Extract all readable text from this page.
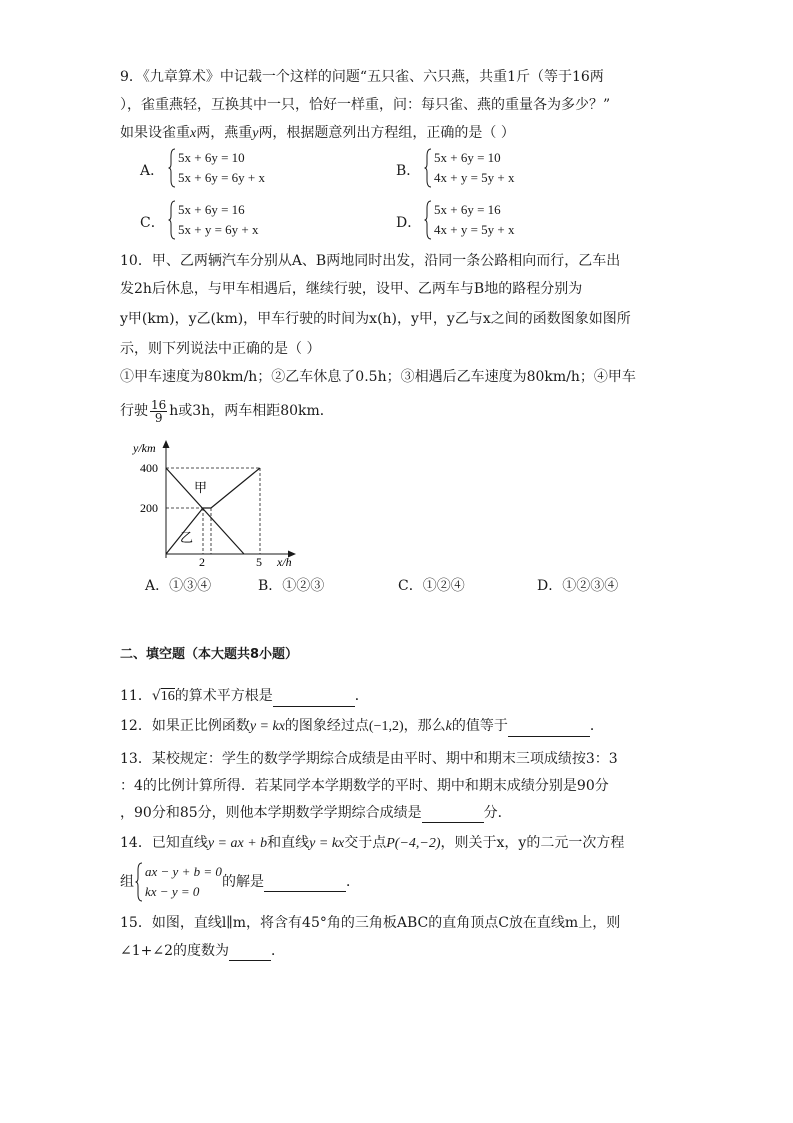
9．《九章算术》中记载一个这样的问题“五只雀、六只燕，共重1斤（等于16两
），雀重燕轻，互换其中一只，恰好一样重，问：每只雀、燕的重量各为多少？”
如果设雀重x两，燕重y两，根据题意列出方程组，正确的是（ ）
A．
5x + 6y = 10
5x + 6y = 6y + x	B．
5x + 6y = 10
4x + y = 5y + x
C．
5x + 6y = 16
5x + y = 6y + x	D．
5x + 6y = 16
4x + y = 5y + x
10．甲、乙两辆汽车分别从A、B两地同时出发，沿同一条公路相向而行，乙车出
发2h后休息，与甲车相遇后，继续行驶，设甲、乙两车与B地的路程分别为
y甲(km)，y乙(km)，甲车行驶的时间为x(h)，y甲，y乙与x之间的函数图象如图所
示，则下列说法中正确的是（ ）
①甲车速度为80km/h；②乙车休息了0.5h；③相遇后乙车速度为80km/h；④甲车
行驶 $\frac{16}{9}$ h或3h，两车相距80km．
y/km
x/h
400
200
2	5
甲
乙
A．①③④	B．①②③	C．①②④	D．①②③④
二、填空题（本大题共8小题）
11．√16的算术平方根是	．
12．如果正比例函数y = kx的图象经过点(−1,2)，那么k的值等于	．
13．某校规定：学生的数学学期综合成绩是由平时、期中和期末三项成绩按3：3
：4的比例计算所得．若某同学本学期数学的平时、期中和期末成绩分别是90分
，90分和85分，则他本学期数学学期综合成绩是	分．
14．已知直线y = ax + b和直线y = kx交于点P(−4,−2)，则关于x，y的二元一次方程
组
ax − y + b = 0
kx − y = 0
的解是	．
15．如图，直线l∥m，将含有45°角的三角板ABC的直角顶点C放在直线m上，则
∠1+∠2的度数为	．
